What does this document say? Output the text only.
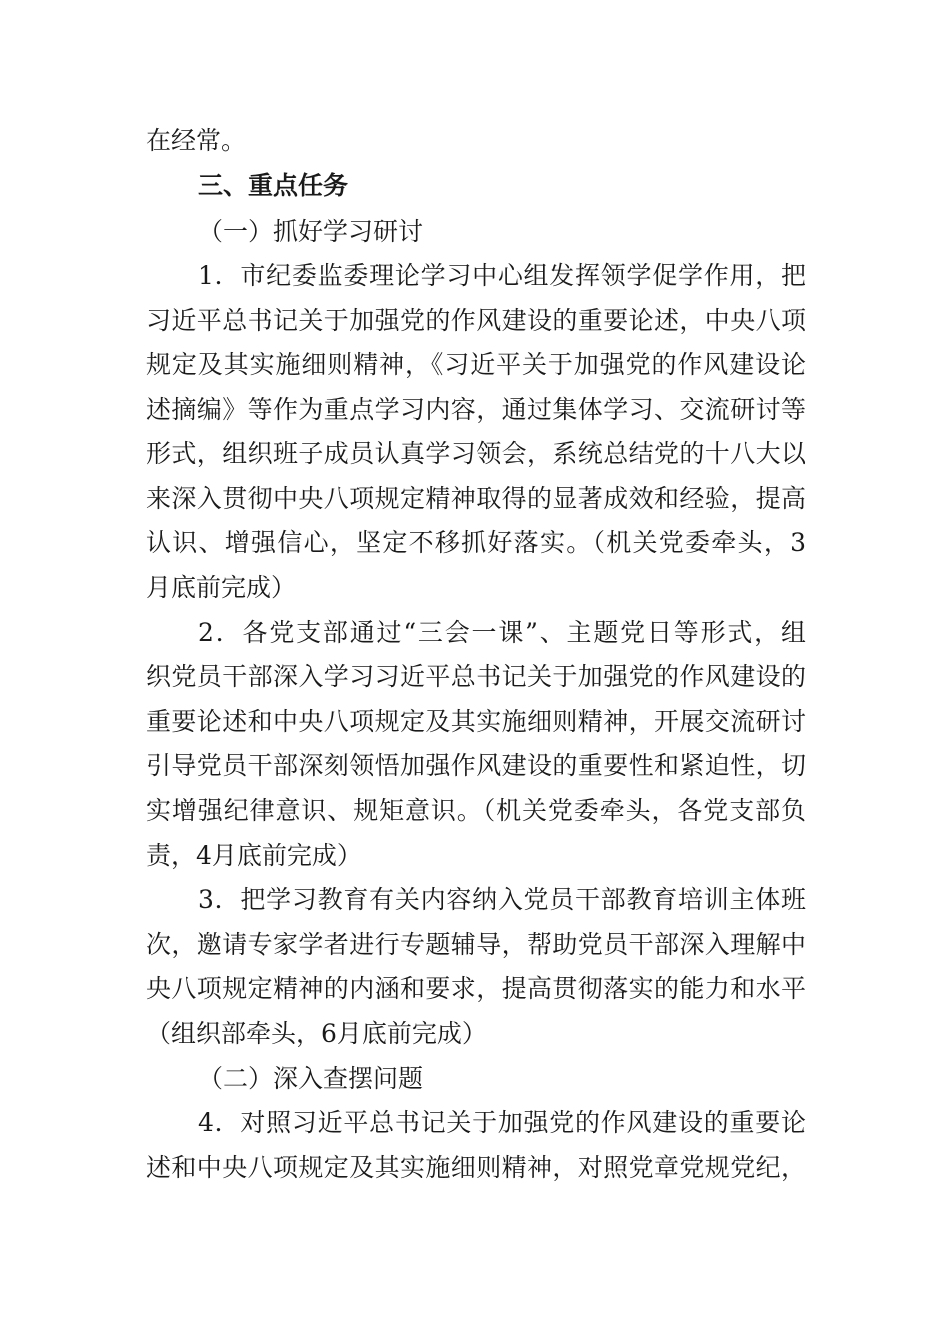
在经常。
三、重点任务
（一）抓好学习研讨
1．市纪委监委理论学习中心组发挥领学促学作用，把
习近平总书记关于加强党的作风建设的重要论述，中央八项
规定及其实施细则精神，《习近平关于加强党的作风建设论
述摘编》等作为重点学习内容，通过集体学习、交流研讨等
形式，组织班子成员认真学习领会，系统总结党的十八大以
来深入贯彻中央八项规定精神取得的显著成效和经验，提高
认识、增强信心，坚定不移抓好落实。（机关党委牵头，3
月底前完成）
2．各党支部通过“三会一课”、主题党日等形式，组
织党员干部深入学习习近平总书记关于加强党的作风建设的
重要论述和中央八项规定及其实施细则精神，开展交流研讨
引导党员干部深刻领悟加强作风建设的重要性和紧迫性，切
实增强纪律意识、规矩意识。（机关党委牵头，各党支部负
责，4月底前完成）
3．把学习教育有关内容纳入党员干部教育培训主体班
次，邀请专家学者进行专题辅导，帮助党员干部深入理解中
央八项规定精神的内涵和要求，提高贯彻落实的能力和水平
（组织部牵头，6月底前完成）
（二）深入查摆问题
4．对照习近平总书记关于加强党的作风建设的重要论
述和中央八项规定及其实施细则精神，对照党章党规党纪，
